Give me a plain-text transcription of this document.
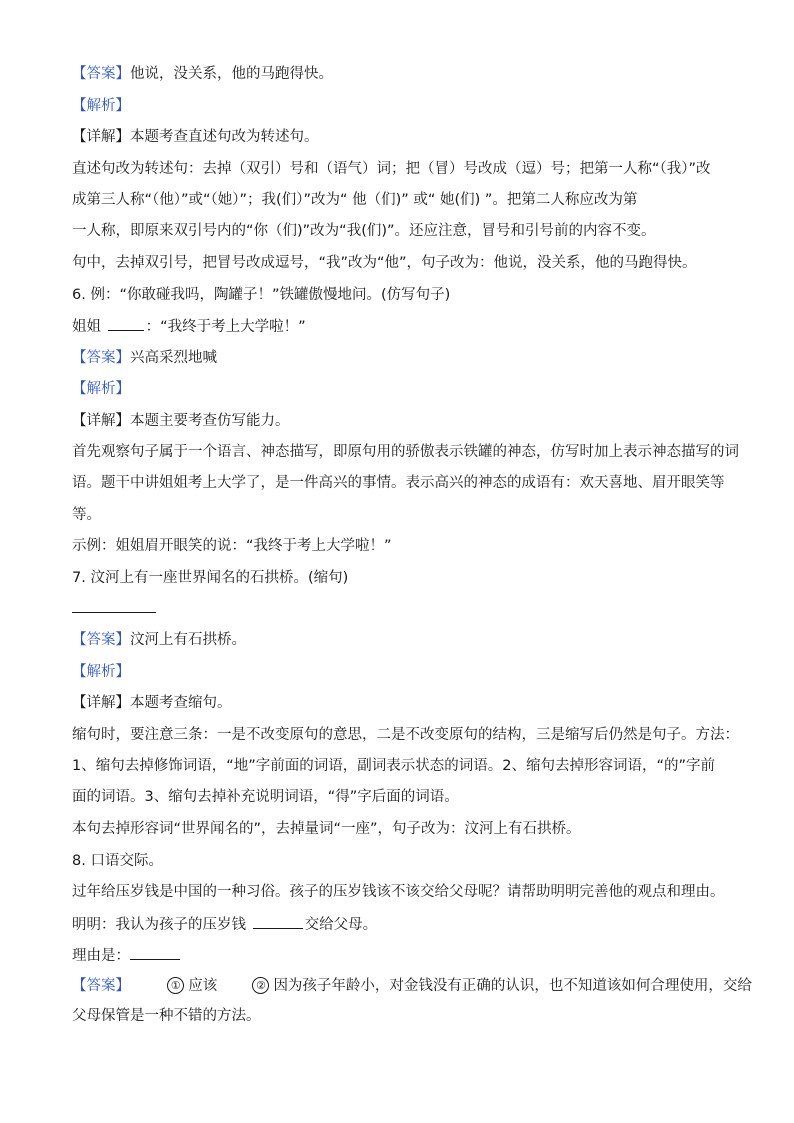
【答案】他说，没关系，他的马跑得快。
【解析】
【详解】本题考查直述句改为转述句。
直述句改为转述句：去掉（双引）号和（语气）词；把（冒）号改成（逗）号；把第一人称“（我）”改
成第三人称“（他）”或“（她）”；我(们）”改为“ 他（们)” 或“ 她(们) ”。把第二人称应改为第
一人称，即原来双引号内的“你（们)”改为“我(们)”。还应注意，冒号和引号前的内容不变。
句中，去掉双引号，把冒号改成逗号，“我”改为“他”，句子改为：他说，没关系，他的马跑得快。
6. 例：“你敢碰我吗，陶罐子！”铁罐傲慢地问。(仿写句子)
姐姐	：“我终于考上大学啦！”
【答案】兴高采烈地喊
【解析】
【详解】本题主要考查仿写能力。
首先观察句子属于一个语言、神态描写，即原句用的骄傲表示铁罐的神态，仿写时加上表示神态描写的词
语。题干中讲姐姐考上大学了，是一件高兴的事情。表示高兴的神态的成语有：欢天喜地、眉开眼笑等
等。
示例：姐姐眉开眼笑的说：“我终于考上大学啦！”
7. 汶河上有一座世界闻名的石拱桥。(缩句)
【答案】汶河上有石拱桥。
【解析】
【详解】本题考查缩句。
缩句时，要注意三条：一是不改变原句的意思，二是不改变原句的结构，三是缩写后仍然是句子。方法：
1、缩句去掉修饰词语，“地”字前面的词语，副词表示状态的词语。2、缩句去掉形容词语，“的”字前
面的词语。3、缩句去掉补充说明词语，“得”字后面的词语。
本句去掉形容词“世界闻名的”，去掉量词“一座”，句子改为：汶河上有石拱桥。
8. 口语交际。
过年给压岁钱是中国的一种习俗。孩子的压岁钱该不该交给父母呢？请帮助明明完善他的观点和理由。
明明：我认为孩子的压岁钱	交给父母。
理由是：
【答案】	① 应该	② 因为孩子年龄小，对金钱没有正确的认识，也不知道该如何合理使用，交给
父母保管是一种不错的方法。
